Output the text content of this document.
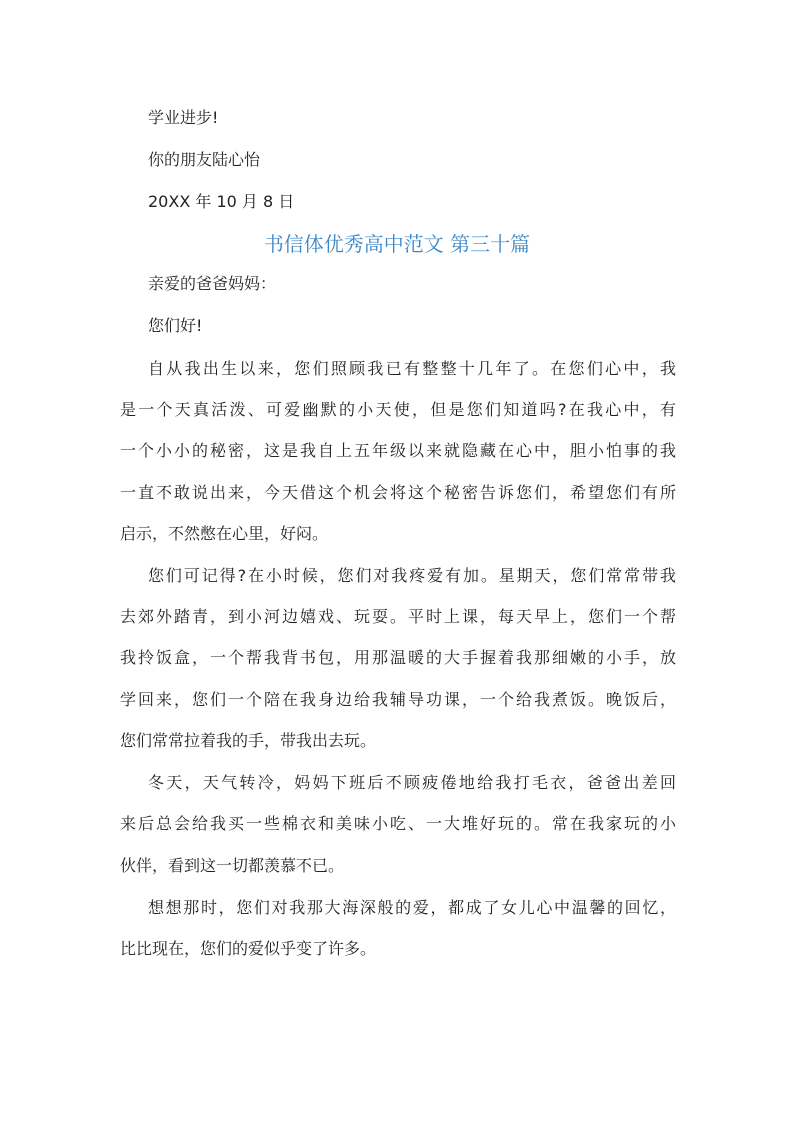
学业进步!
你的朋友陆心怡
20XX 年 10 月 8 日
书信体优秀高中范文 第三十篇
亲爱的爸爸妈妈：
您们好!
自从我出生以来，您们照顾我已有整整十几年了。在您们心中，我
是一个天真活泼、可爱幽默的小天使，但是您们知道吗?在我心中，有
一个小小的秘密，这是我自上五年级以来就隐藏在心中，胆小怕事的我
一直不敢说出来，今天借这个机会将这个秘密告诉您们，希望您们有所
启示，不然憋在心里，好闷。
您们可记得?在小时候，您们对我疼爱有加。星期天，您们常常带我
去郊外踏青，到小河边嬉戏、玩耍。平时上课，每天早上，您们一个帮
我拎饭盒，一个帮我背书包，用那温暖的大手握着我那细嫩的小手，放
学回来，您们一个陪在我身边给我辅导功课，一个给我煮饭。晚饭后，
您们常常拉着我的手，带我出去玩。
冬天，天气转冷，妈妈下班后不顾疲倦地给我打毛衣，爸爸出差回
来后总会给我买一些棉衣和美味小吃、一大堆好玩的。常在我家玩的小
伙伴，看到这一切都羡慕不已。
想想那时，您们对我那大海深般的爱，都成了女儿心中温馨的回忆，
比比现在，您们的爱似乎变了许多。
